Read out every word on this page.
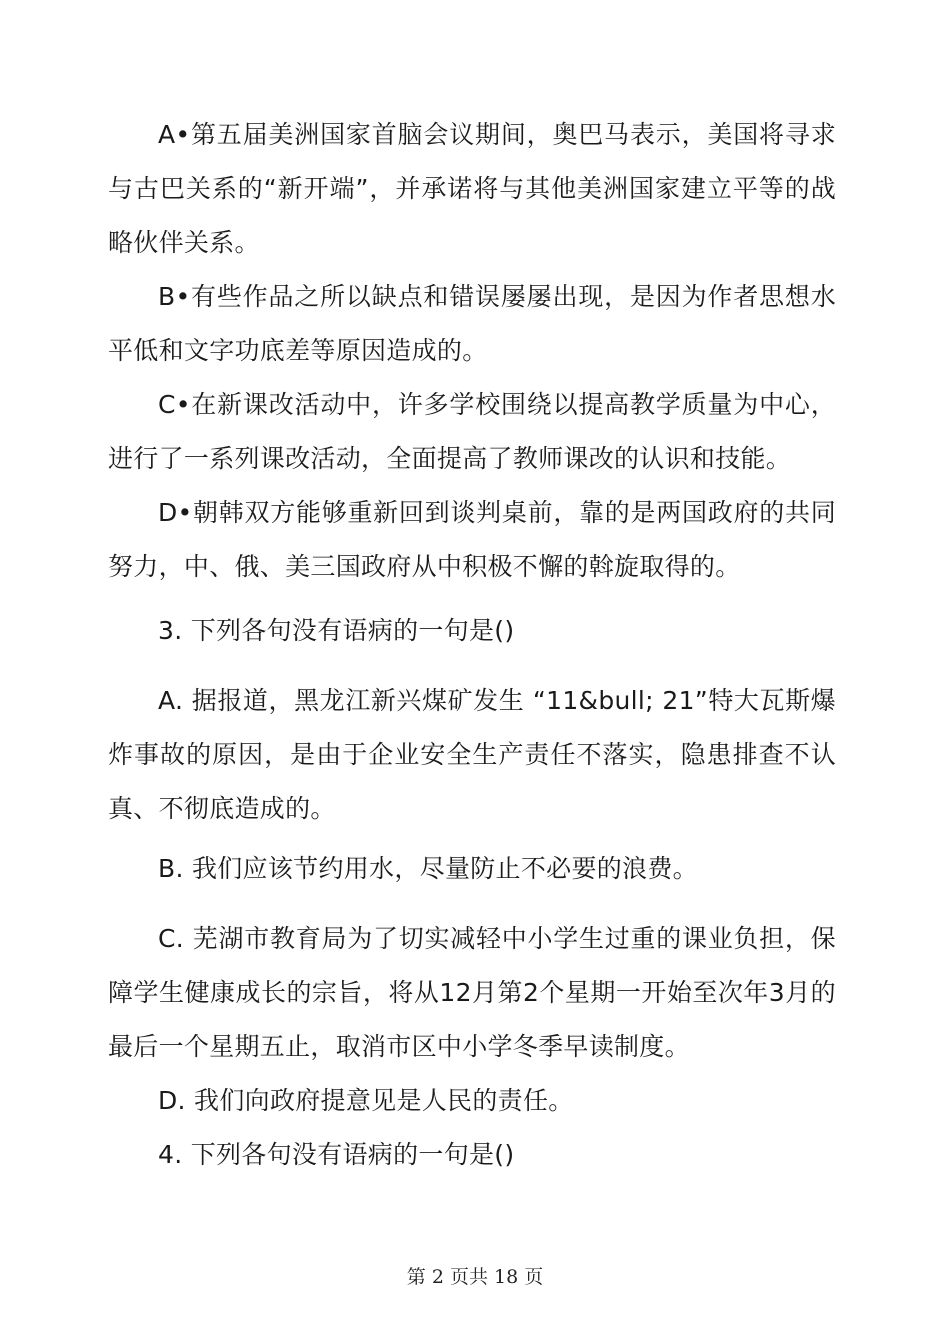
A•第五届美洲国家首脑会议期间，奥巴马表示，美国将寻求与古巴关系的“新开端”，并承诺将与其他美洲国家建立平等的战略伙伴关系。

B•有些作品之所以缺点和错误屡屡出现，是因为作者思想水平低和文字功底差等原因造成的。

C•在新课改活动中，许多学校围绕以提高教学质量为中心，进行了一系列课改活动，全面提高了教师课改的认识和技能。

D•朝韩双方能够重新回到谈判桌前，靠的是两国政府的共同努力，中、俄、美三国政府从中积极不懈的斡旋取得的。

3. 下列各句没有语病的一句是()

A. 据报道，黑龙江新兴煤矿发生 “11&bull; 21”特大瓦斯爆炸事故的原因，是由于企业安全生产责任不落实，隐患排查不认真、不彻底造成的。

B. 我们应该节约用水，尽量防止不必要的浪费。

C. 芜湖市教育局为了切实减轻中小学生过重的课业负担，保障学生健康成长的宗旨，将从12月第2个星期一开始至次年3月的最后一个星期五止，取消市区中小学冬季早读制度。

D. 我们向政府提意见是人民的责任。

4. 下列各句没有语病的一句是()

第 2 页共 18 页
